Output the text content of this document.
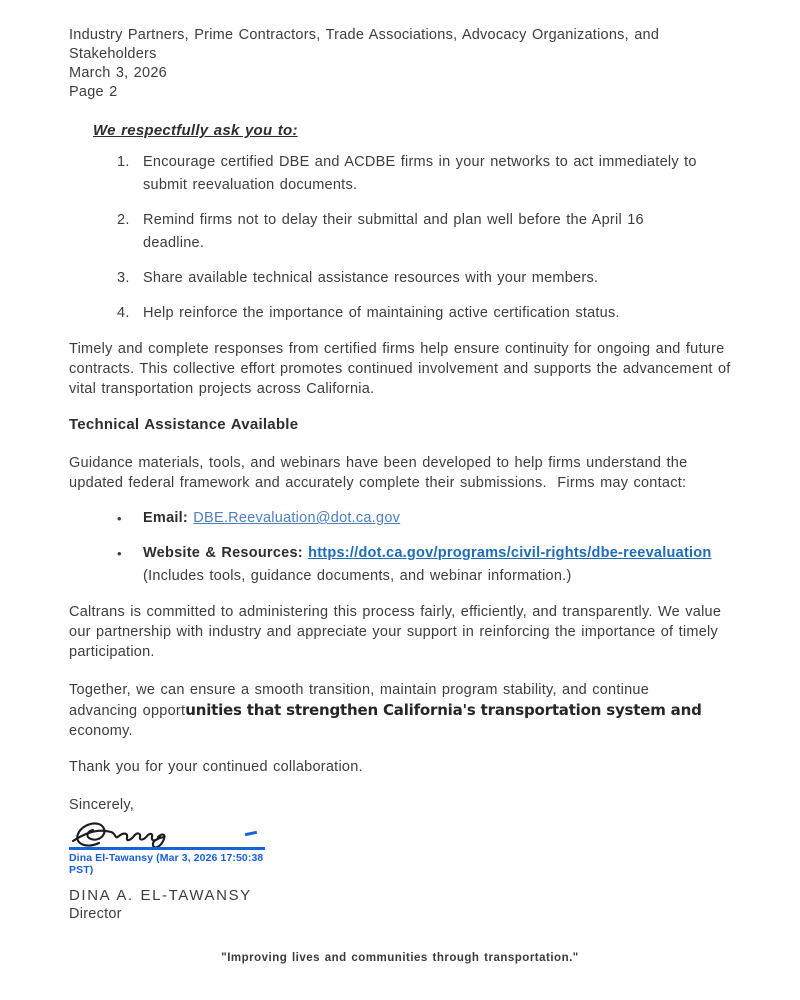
Industry Partners, Prime Contractors, Trade Associations, Advocacy Organizations, and
Stakeholders
March 3, 2026
Page 2
We respectfully ask you to:
1. Encourage certified DBE and ACDBE firms in your networks to act immediately to submit reevaluation documents.
2. Remind firms not to delay their submittal and plan well before the April 16 deadline.
3. Share available technical assistance resources with your members.
4. Help reinforce the importance of maintaining active certification status.

Timely and complete responses from certified firms help ensure continuity for ongoing and future contracts. This collective effort promotes continued involvement and supports the advancement of vital transportation projects across California.

Technical Assistance Available

Guidance materials, tools, and webinars have been developed to help firms understand the updated federal framework and accurately complete their submissions.  Firms may contact:

•	Email: DBE.Reevaluation@dot.ca.gov
•	Website & Resources: https://dot.ca.gov/programs/civil-rights/dbe-reevaluation
(Includes tools, guidance documents, and webinar information.)

Caltrans is committed to administering this process fairly, efficiently, and transparently. We value our partnership with industry and appreciate your support in reinforcing the importance of timely participation.

Together, we can ensure a smooth transition, maintain program stability, and continue
advancing opportunities that strengthen California's transportation system and
economy.

Thank you for your continued collaboration.

Sincerely,

Dina El-Tawansy (Mar 3, 2026 17:50:38 PST)
DINA A. EL-TAWANSY
Director
"Improving lives and communities through transportation."
